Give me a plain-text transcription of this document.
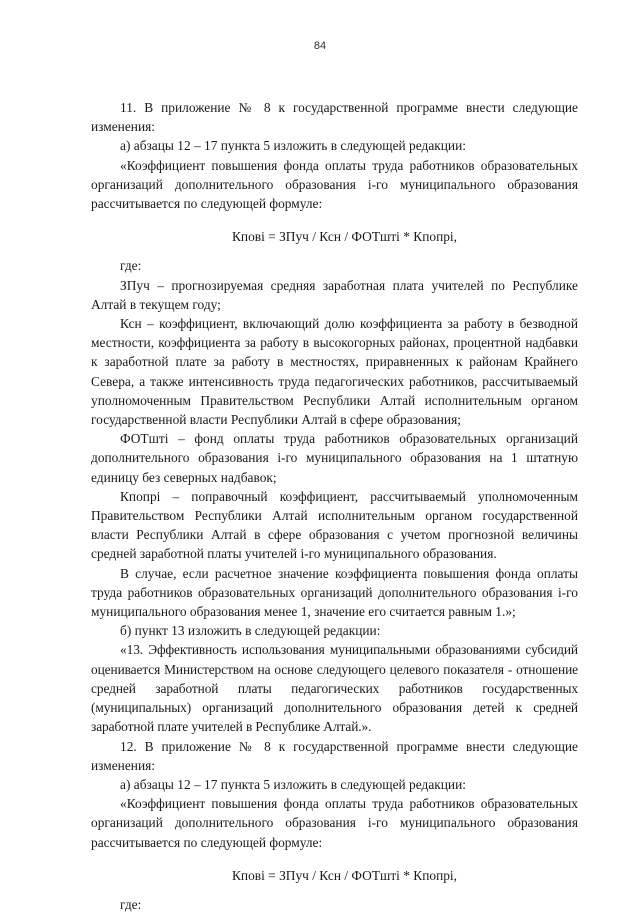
84

11. В приложение № 8 к государственной программе внести следующие изменения:

а) абзацы 12 – 17 пункта 5 изложить в следующей редакции:

«Коэффициент повышения фонда оплаты труда работников образовательных организаций дополнительного образования i-го муниципального образования рассчитывается по следующей формуле:

Кпові = ЗПуч / Ксн / ФОТшті * Кпопрі,

где:

ЗПуч – прогнозируемая средняя заработная плата учителей по Республике Алтай в текущем году;

Ксн – коэффициент, включающий долю коэффициента за работу в безводной местности, коэффициента за работу в высокогорных районах, процентной надбавки к заработной плате за работу в местностях, приравненных к районам Крайнего Севера, а также интенсивность труда педагогических работников, рассчитываемый уполномоченным Правительством Республики Алтай исполнительным органом государственной власти Республики Алтай в сфере образования;

ФОТшті – фонд оплаты труда работников образовательных организаций дополнительного образования i-го муниципального образования на 1 штатную единицу без северных надбавок;

Кпопрі – поправочный коэффициент, рассчитываемый уполномоченным Правительством Республики Алтай исполнительным органом государственной власти Республики Алтай в сфере образования с учетом прогнозной величины средней заработной платы учителей i-го муниципального образования.

В случае, если расчетное значение коэффициента повышения фонда оплаты труда работников образовательных организаций дополнительного образования i-го муниципального образования менее 1, значение его считается равным 1.»;

б) пункт 13 изложить в следующей редакции:

«13. Эффективность использования муниципальными образованиями субсидий оценивается Министерством на основе следующего целевого показателя - отношение средней заработной платы педагогических работников государственных (муниципальных) организаций дополнительного образования детей к средней заработной плате учителей в Республике Алтай.».

12. В приложение № 8 к государственной программе внести следующие изменения:

а) абзацы 12 – 17 пункта 5 изложить в следующей редакции:

«Коэффициент повышения фонда оплаты труда работников образовательных организаций дополнительного образования i-го муниципального образования рассчитывается по следующей формуле:

Кпові = ЗПуч / Ксн / ФОТшті * Кпопрі,

где:
